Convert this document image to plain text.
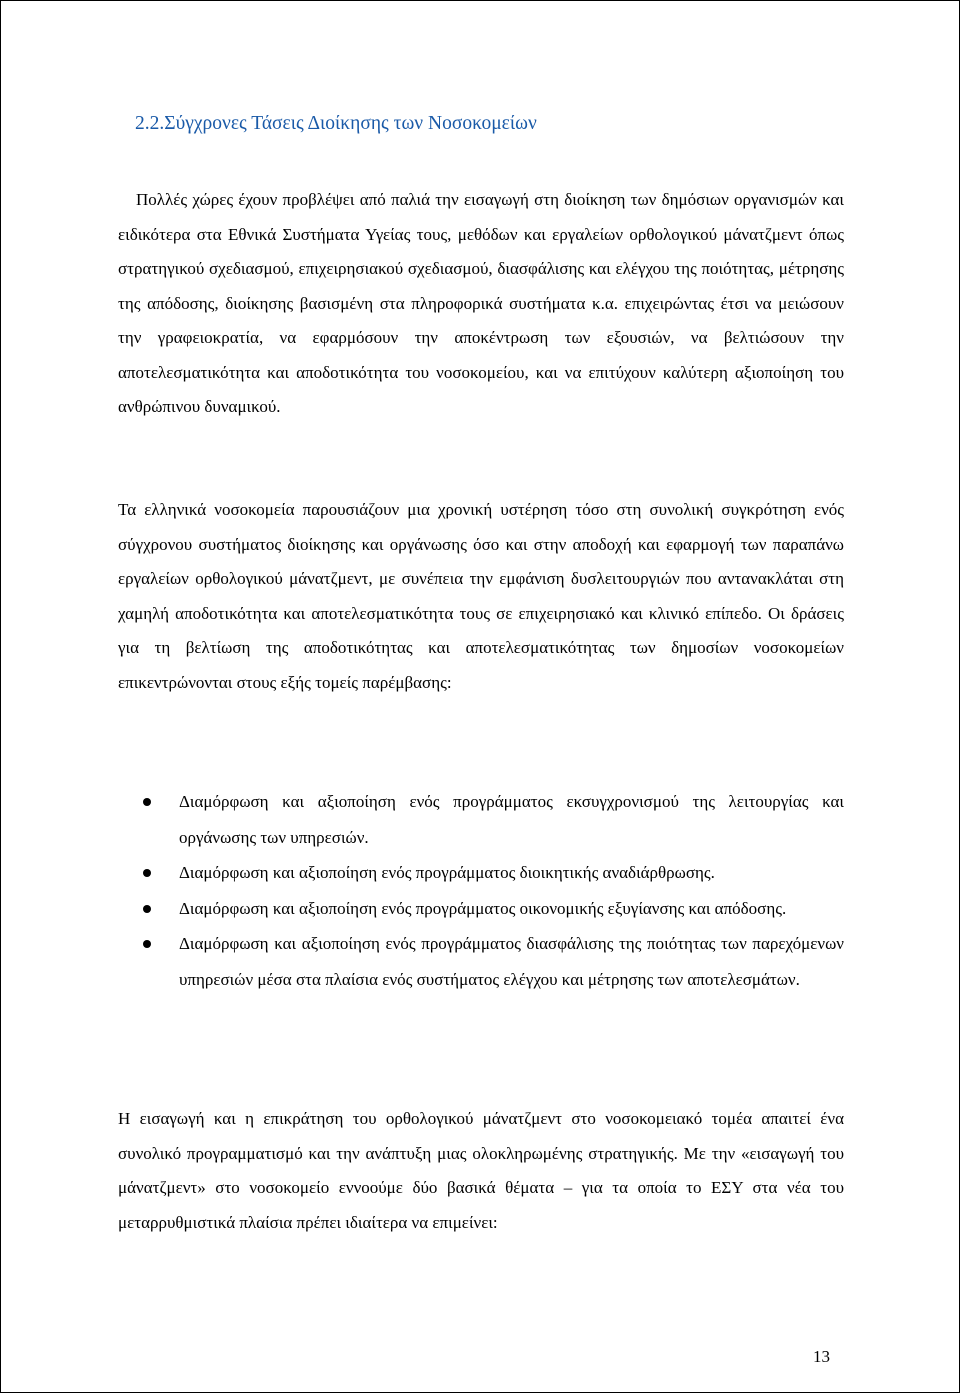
2.2.Σύγχρονες Τάσεις Διοίκησης των Νοσοκομείων

Πολλές χώρες έχουν προβλέψει από παλιά την εισαγωγή στη διοίκηση των δημόσιων οργανισμών και ειδικότερα στα Εθνικά Συστήματα Υγείας τους, μεθόδων και εργαλείων ορθολογικού μάνατζμεντ όπως στρατηγικού σχεδιασμού, επιχειρησιακού σχεδιασμού, διασφάλισης και ελέγχου της ποιότητας, μέτρησης της απόδοσης, διοίκησης βασισμένη στα πληροφορικά συστήματα κ.α. επιχειρώντας έτσι να μειώσουν την γραφειοκρατία, να εφαρμόσουν την αποκέντρωση των εξουσιών, να βελτιώσουν την αποτελεσματικότητα και αποδοτικότητα του νοσοκομείου, και να επιτύχουν καλύτερη αξιοποίηση του ανθρώπινου δυναμικού.

Τα ελληνικά νοσοκομεία παρουσιάζουν μια χρονική υστέρηση τόσο στη συνολική συγκρότηση ενός σύγχρονου συστήματος διοίκησης και οργάνωσης όσο και στην αποδοχή και εφαρμογή των παραπάνω εργαλείων ορθολογικού μάνατζμεντ, με συνέπεια την εμφάνιση δυσλειτουργιών που αντανακλάται στη χαμηλή αποδοτικότητα και αποτελεσματικότητα τους σε επιχειρησιακό και κλινικό επίπεδο. Οι δράσεις για τη βελτίωση της αποδοτικότητας και αποτελεσματικότητας των δημοσίων νοσοκομείων επικεντρώνονται στους εξής τομείς παρέμβασης:

Διαμόρφωση και αξιοποίηση ενός προγράμματος εκσυγχρονισμού της λειτουργίας και οργάνωσης των υπηρεσιών.
Διαμόρφωση και αξιοποίηση ενός προγράμματος διοικητικής αναδιάρθρωσης.
Διαμόρφωση και αξιοποίηση ενός προγράμματος οικονομικής εξυγίανσης και απόδοσης.
Διαμόρφωση και αξιοποίηση ενός προγράμματος διασφάλισης της ποιότητας των παρεχόμενων υπηρεσιών μέσα στα πλαίσια ενός συστήματος ελέγχου και μέτρησης των αποτελεσμάτων.

Η εισαγωγή και η επικράτηση του ορθολογικού μάνατζμεντ στο νοσοκομειακό τομέα απαιτεί ένα συνολικό προγραμματισμό και την ανάπτυξη μιας ολοκληρωμένης στρατηγικής. Με την «εισαγωγή του μάνατζμεντ» στο νοσοκομείο εννοούμε δύο βασικά θέματα – για τα οποία το ΕΣΥ στα νέα του μεταρρυθμιστικά πλαίσια πρέπει ιδιαίτερα να επιμείνει:

13
